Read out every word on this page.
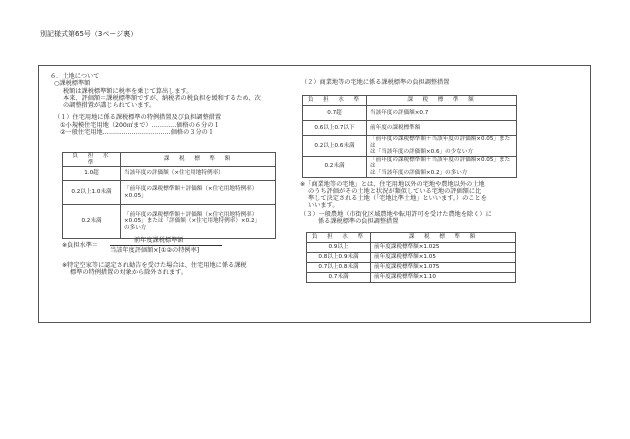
別記様式第65号（3ページ裏）
６．土地について
○課税標準額
税額は課税標準額に税率を乗じて算出します。
本来、評価額＝課税標準額ですが、納税者の税負担を緩和するため、次
の調整措置が講じられています。
（１）住宅用地に係る課税標準の特例措置及び負担調整措置
①小規模住宅用地（200㎡まで）…………価格の６分の１
②一般住宅用地……………………………価格の３分の１
負　担　水　準	課　税　標　準　額
1.0超	当該年度の評価額（×住宅用地特例率）

0.2以上1.0未満	「前年度の課税標準額＋評価額（×住宅用地特例率）
×0.05」

0.2未満	「前年度の課税標準額＋評価額（×住宅用地特例率）
×0.05」または「評価額（×住宅用地特例率）×0.2」
の多い方
※負担水準＝
前年度課税標準額
当該年度評価額×[①②の特例率]
※特定空家等に認定され勧告を受けた場合は、住宅用地に係る課税
標準の特例措置の対象から除外されます。
（２）商業地等の宅地に係る課税標準の負担調整措置
負　担　水　準	課　税　標　準　額
0.7超	当該年度の評価額×0.7

0.6以上0.7以下	前年度の課税標準額

0.2以上0.6未満	「前年度の課税標準額＋当該年度の評価額×0.05」または
は「当該年度の評価額×0.6」の少ない方

0.2未満	「前年度の課税標準額＋当該年度の評価額×0.05」または
は「当該年度の評価額×0.2」の多い方
※「商業地等の宅地」とは、住宅用地以外の宅地や農地以外の土地
のうち評価がその土地と状況が類似している宅地の評価額に比
準して決定される土地（「宅地比準土地」といいます。）のことを
いいます。
（３）一般農地（市街化区域農地や転用許可を受けた農地を除く）に
係る課税標準の負担調整措置
負　担　水　準	課　税　標　準　額
0.9以上	前年度課税標準額×1.025
0.8以上0.9未満	前年度課税標準額×1.05
0.7以上0.8未満	前年度課税標準額×1.075
0.7未満	前年度課税標準額×1.10
